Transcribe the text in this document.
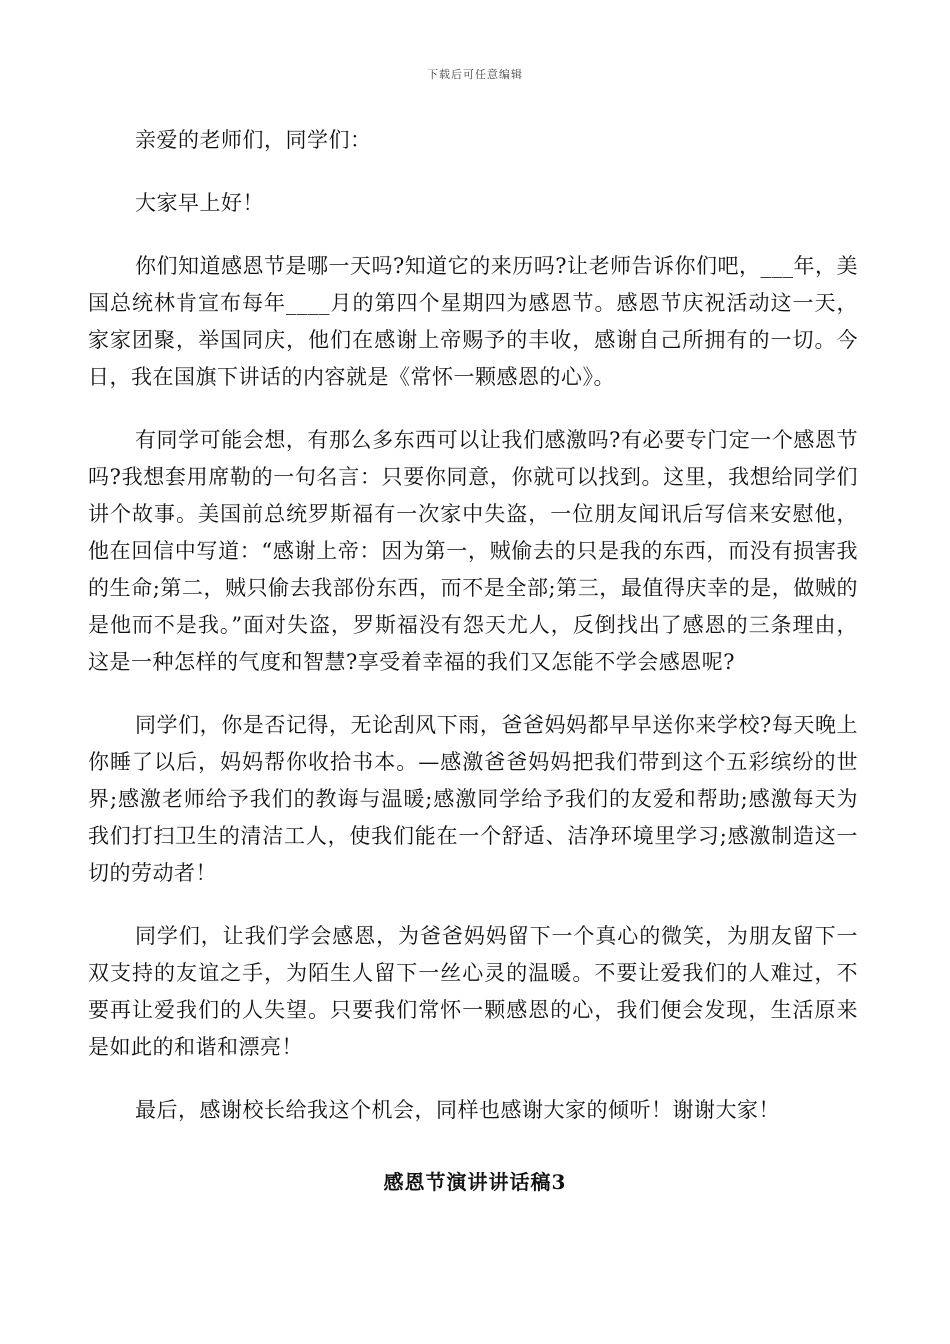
下载后可任意编辑

亲爱的老师们，同学们：

大家早上好！

你们知道感恩节是哪一天吗?知道它的来历吗?让老师告诉你们吧，___年，美国总统林肯宣布每年____月的第四个星期四为感恩节。感恩节庆祝活动这一天，家家团聚，举国同庆，他们在感谢上帝赐予的丰收，感谢自己所拥有的一切。今日，我在国旗下讲话的内容就是《常怀一颗感恩的心》。

有同学可能会想，有那么多东西可以让我们感激吗?有必要专门定一个感恩节吗?我想套用席勒的一句名言：只要你同意，你就可以找到。这里，我想给同学们讲个故事。美国前总统罗斯福有一次家中失盗，一位朋友闻讯后写信来安慰他，他在回信中写道：“感谢上帝：因为第一，贼偷去的只是我的东西，而没有损害我的生命;第二，贼只偷去我部份东西，而不是全部;第三，最值得庆幸的是，做贼的是他而不是我。”面对失盗，罗斯福没有怨天尤人，反倒找出了感恩的三条理由，这是一种怎样的气度和智慧?享受着幸福的我们又怎能不学会感恩呢?

同学们，你是否记得，无论刮风下雨，爸爸妈妈都早早送你来学校?每天晚上你睡了以后，妈妈帮你收拾书本。—感激爸爸妈妈把我们带到这个五彩缤纷的世界;感激老师给予我们的教诲与温暖;感激同学给予我们的友爱和帮助;感激每天为我们打扫卫生的清洁工人，使我们能在一个舒适、洁净环境里学习;感激制造这一切的劳动者！

同学们，让我们学会感恩，为爸爸妈妈留下一个真心的微笑，为朋友留下一双支持的友谊之手，为陌生人留下一丝心灵的温暖。不要让爱我们的人难过，不要再让爱我们的人失望。只要我们常怀一颗感恩的心，我们便会发现，生活原来是如此的和谐和漂亮！

最后，感谢校长给我这个机会，同样也感谢大家的倾听！谢谢大家！

感恩节演讲讲话稿3
